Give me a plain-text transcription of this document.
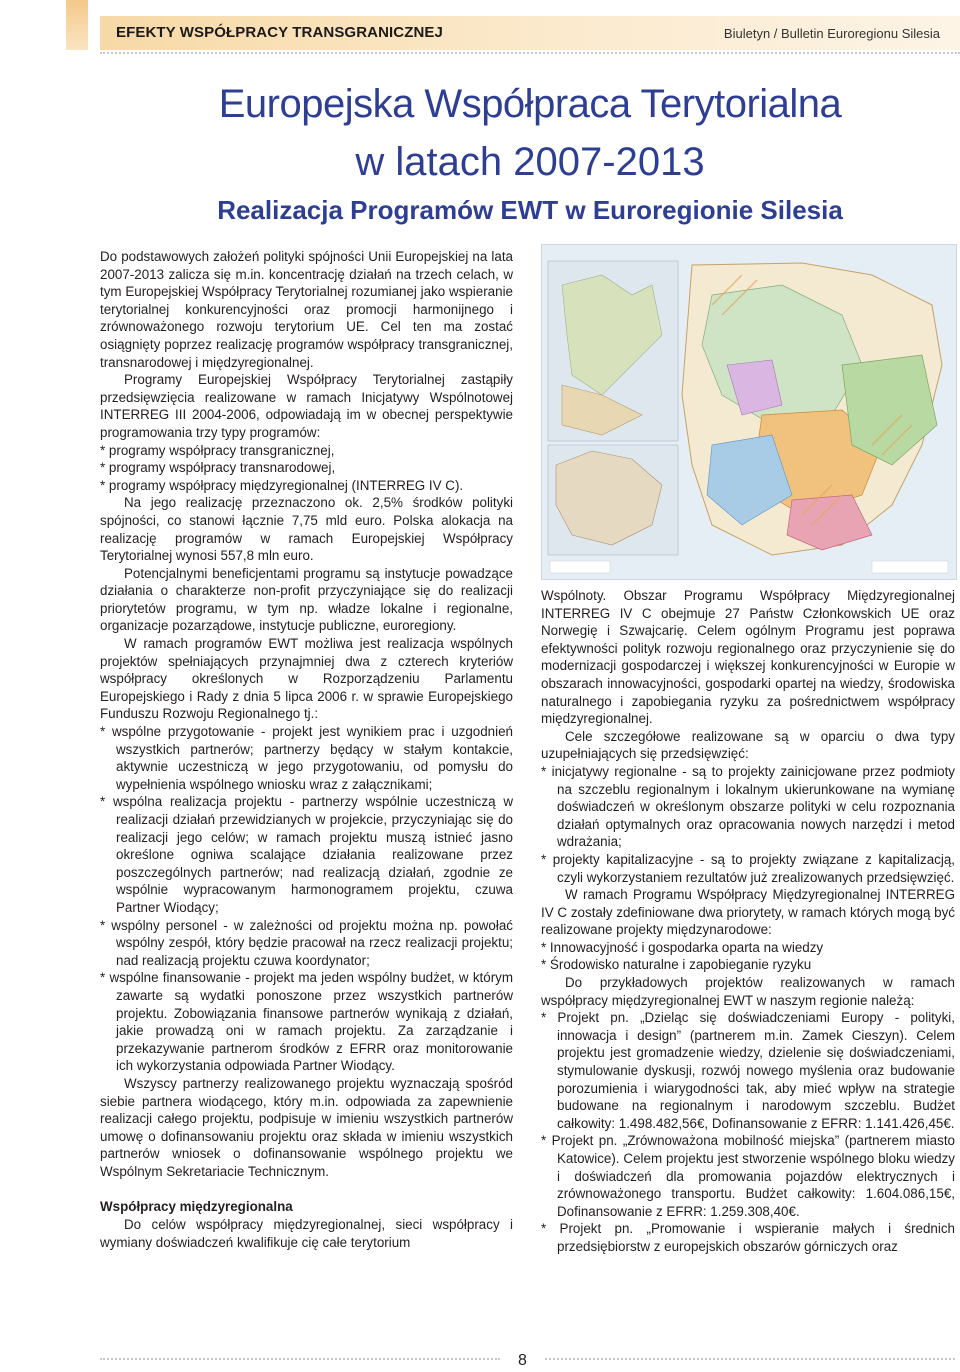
EFEKTY WSPÓŁPRACY TRANSGRANICZNEJ	Biuletyn / Bulletin Euroregionu Silesia
Europejska Współpraca Terytorialna
w latach 2007-2013
Realizacja Programów EWT w Euroregionie Silesia

Do podstawowych założeń polityki spójności Unii Europejskiej na lata 2007-2013 zalicza się m.in. koncentrację działań na trzech celach, w tym Europejskiej Współpracy Terytorialnej rozumianej jako wspieranie terytorialnej konkurencyjności oraz promocji harmonijnego i zrównoważonego rozwoju terytorium UE. Cel ten ma zostać osiągnięty poprzez realizację programów współpracy transgranicznej, transnarodowej i międzyregionalnej.

Programy Europejskiej Współpracy Terytorialnej zastąpiły przedsięwzięcia realizowane w ramach Inicjatywy Wspólnotowej INTERREG III 2004-2006, odpowiadają im w obecnej perspektywie programowania trzy typy programów:

* programy współpracy transgranicznej,

* programy współpracy transnarodowej,

* programy współpracy międzyregionalnej (INTERREG IV C).

Na jego realizację przeznaczono ok. 2,5% środków polityki spójności, co stanowi łącznie 7,75 mld euro. Polska alokacja na realizację programów w ramach Europejskiej Współpracy Terytorialnej wynosi 557,8 mln euro.

Potencjalnymi beneficjentami programu są instytucje powadzące działania o charakterze non-profit przyczyniające się do realizacji priorytetów programu, w tym np. władze lokalne i regionalne, organizacje pozarządowe, instytucje publiczne, euroregiony.

W ramach programów EWT możliwa jest realizacja wspólnych projektów spełniających przynajmniej dwa z czterech kryteriów współpracy określonych w Rozporządzeniu Parlamentu Europejskiego i Rady z dnia 5 lipca 2006 r. w sprawie Europejskiego Funduszu Rozwoju Regionalnego tj.:

* wspólne przygotowanie - projekt jest wynikiem prac i uzgodnień wszystkich partnerów; partnerzy będący w stałym kontakcie, aktywnie uczestniczą w jego przygotowaniu, od pomysłu do wypełnienia wspólnego wniosku wraz z załącznikami;

* wspólna realizacja projektu - partnerzy wspólnie uczestniczą w realizacji działań przewidzianych w projekcie, przyczyniając się do realizacji jego celów; w ramach projektu muszą istnieć jasno określone ogniwa scalające działania realizowane przez poszczególnych partnerów; nad realizacją działań, zgodnie ze wspólnie wypracowanym harmonogramem projektu, czuwa Partner Wiodący;

* wspólny personel - w zależności od projektu można np. powołać wspólny zespół, który będzie pracował na rzecz realizacji projektu; nad realizacją projektu czuwa koordynator;

* wspólne finansowanie - projekt ma jeden wspólny budżet, w którym zawarte są wydatki ponoszone przez wszystkich partnerów projektu. Zobowiązania finansowe partnerów wynikają z działań, jakie prowadzą oni w ramach projektu. Za zarządzanie i przekazywanie partnerom środków z EFRR oraz monitorowanie ich wykorzystania odpowiada Partner Wiodący.

Wszyscy partnerzy realizowanego projektu wyznaczają spośród siebie partnera wiodącego, który m.in. odpowiada za zapewnienie realizacji całego projektu, podpisuje w imieniu wszystkich partnerów umowę o dofinansowaniu projektu oraz składa w imieniu wszystkich partnerów wniosek o dofinansowanie wspólnego projektu we Wspólnym Sekretariacie Technicznym.

Współpracy międzyregionalna

Do celów współpracy międzyregionalnej, sieci współpracy i wymiany doświadczeń kwalifikuje cię całe terytorium

Wspólnoty. Obszar Programu Współpracy Międzyregionalnej INTERREG IV C obejmuje 27 Państw Członkowskich UE oraz Norwegię i Szwajcarię. Celem ogólnym Programu jest poprawa efektywności polityk rozwoju regionalnego oraz przyczynienie się do modernizacji gospodarczej i większej konkurencyjności w Europie w obszarach innowacyjności, gospodarki opartej na wiedzy, środowiska naturalnego i zapobiegania ryzyku za pośrednictwem współpracy międzyregionalnej.

Cele szczegółowe realizowane są w oparciu o dwa typy uzupełniających się przedsięwzięć:

* inicjatywy regionalne - są to projekty zainicjowane przez podmioty na szczeblu regionalnym i lokalnym ukierunkowane na wymianę doświadczeń w określonym obszarze polityki w celu rozpoznania działań optymalnych oraz opracowania nowych narzędzi i metod wdrażania;

* projekty kapitalizacyjne - są to projekty związane z kapitalizacją, czyli wykorzystaniem rezultatów już zrealizowanych przedsięwzięć.

W ramach Programu Współpracy Międzyregionalnej INTERREG IV C zostały zdefiniowane dwa priorytety, w ramach których mogą być realizowane projekty międzynarodowe:

* Innowacyjność i gospodarka oparta na wiedzy

* Środowisko naturalne i zapobieganie ryzyku

Do przykładowych projektów realizowanych w ramach współpracy międzyregionalnej EWT w naszym regionie należą:

* Projekt pn. „Dzieląc się doświadczeniami Europy - polityki, innowacja i design” (partnerem m.in. Zamek Cieszyn). Celem projektu jest gromadzenie wiedzy, dzielenie się doświadczeniami, stymulowanie dyskusji, rozwój nowego myślenia oraz budowanie porozumienia i wiarygodności tak, aby mieć wpływ na strategie budowane na regionalnym i narodowym szczeblu. Budżet całkowity: 1.498.482,56€, Dofinansowanie z EFRR: 1.141.426,45€.

* Projekt pn. „Zrównoważona mobilność miejska” (partnerem miasto Katowice). Celem projektu jest stworzenie wspólnego bloku wiedzy i doświadczeń dla promowania pojazdów elektrycznych i zrównoważonego transportu. Budżet całkowity: 1.604.086,15€, Dofinansowanie z EFRR: 1.259.308,40€.

* Projekt pn. „Promowanie i wspieranie małych i średnich przedsiębiorstw z europejskich obszarów górniczych oraz

8
